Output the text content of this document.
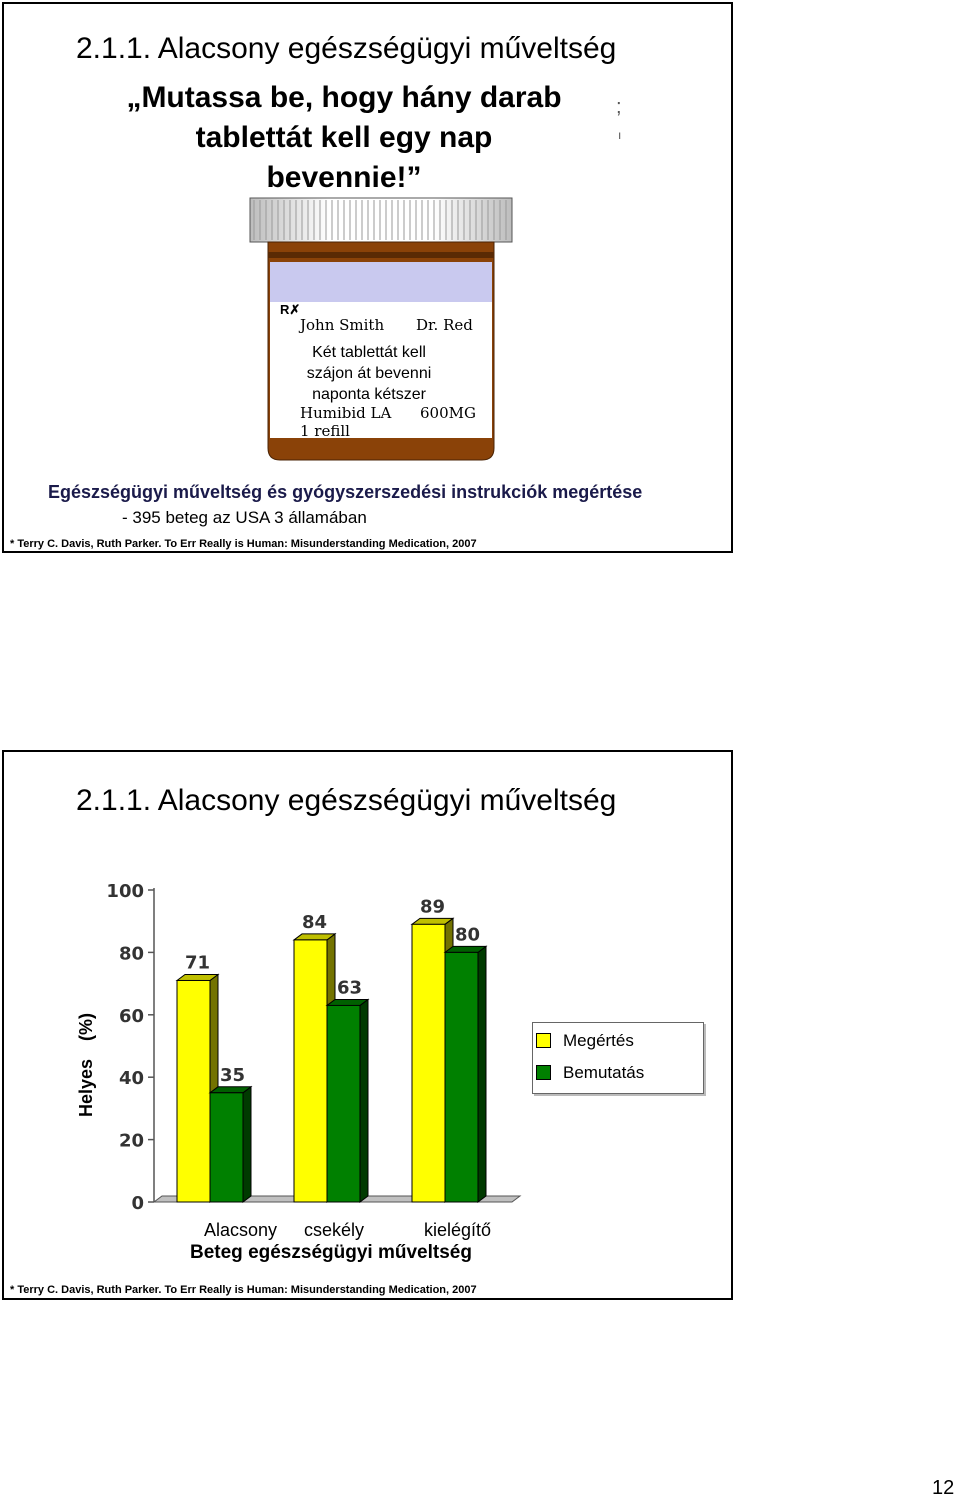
2.1.1. Alacsony egészségügyi műveltség
„Mutassa be, hogy hány darab
tablettát kell egy nap
bevennie!”
;
ı
R✗
John Smith Dr. Red
Két tablettát kell
szájon át bevenni
naponta kétszer
Humibid LA 600MG
1 refill
Egészségügyi műveltség és gyógyszerszedési instrukciók megértése
- 395 beteg az USA 3 államában
* Terry C. Davis, Ruth Parker. To Err Really is Human: Misunderstanding Medication, 2007
2.1.1. Alacsony egészségügyi műveltség
0
20
40
60
80
100
Helyes(%)
71
35
84
63
89
80
Megértés
Bemutatás
Alacsony csekély	kielégítő
Beteg egészségügyi műveltség
* Terry C. Davis, Ruth Parker. To Err Really is Human: Misunderstanding Medication, 2007
12
